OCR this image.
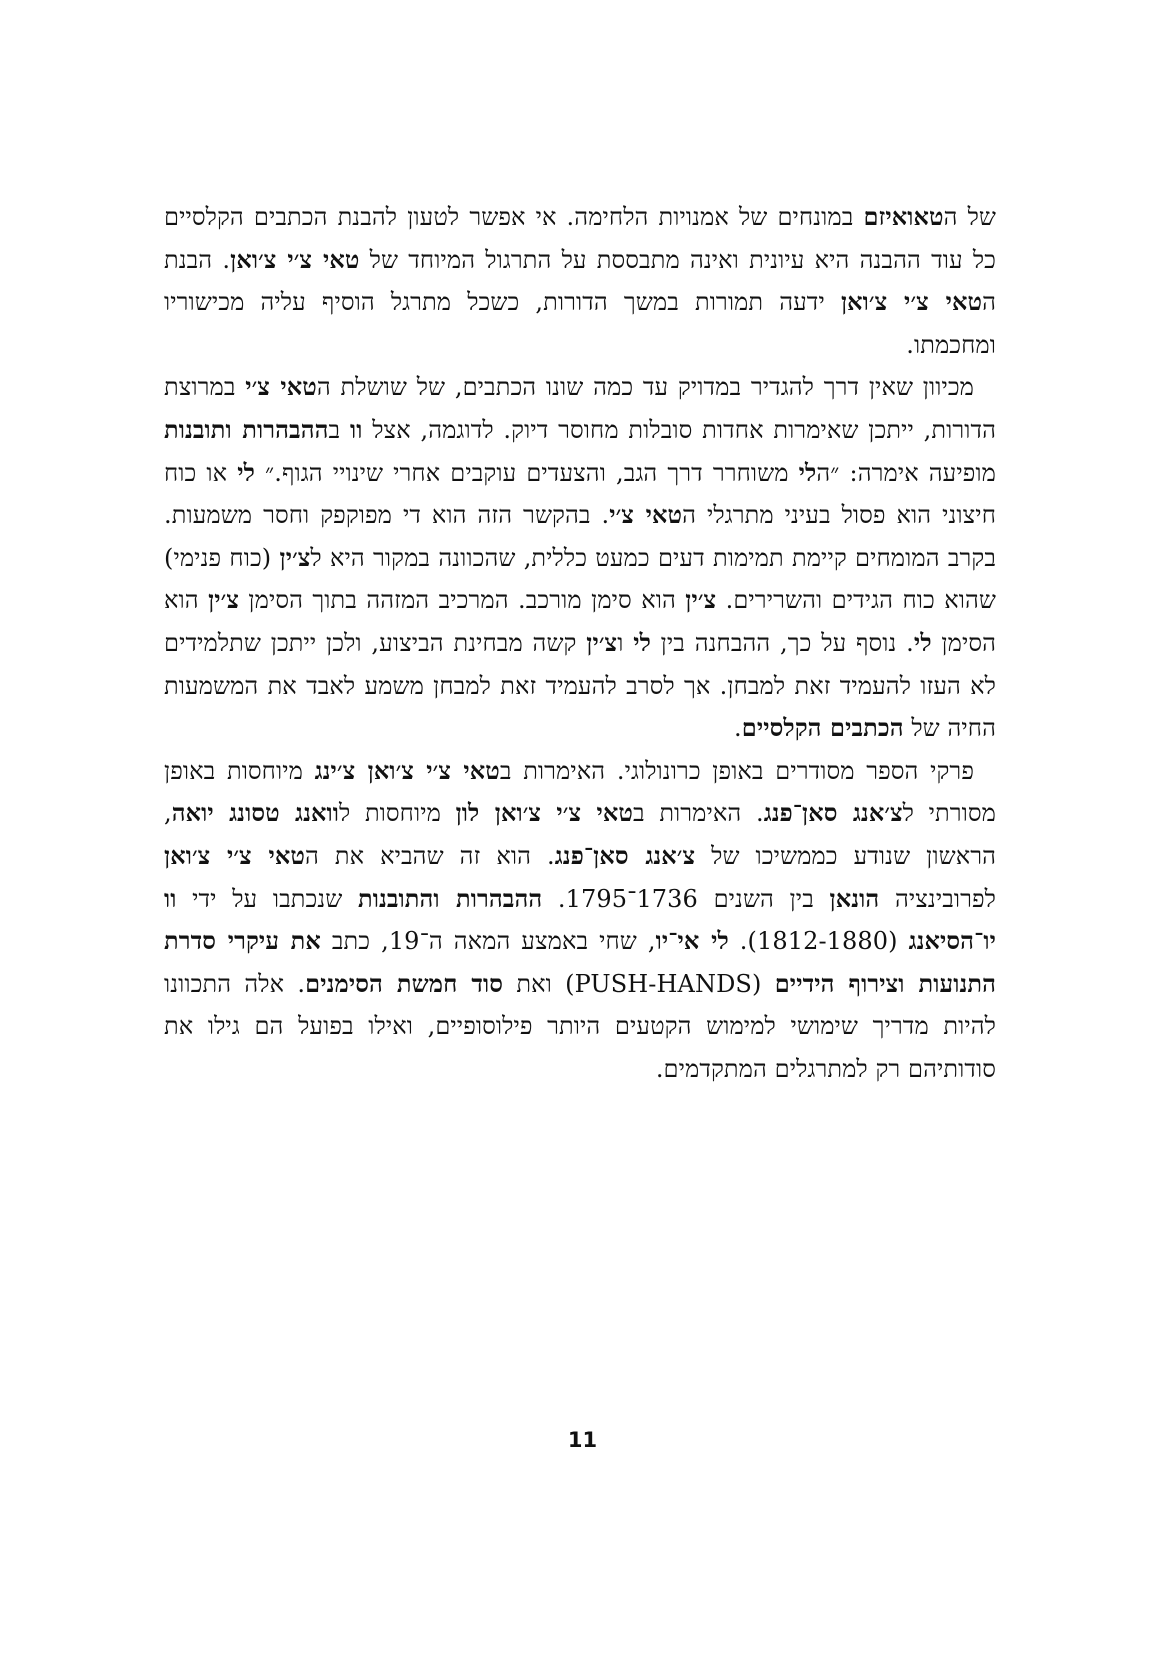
של הטאואיזם במונחים של אמנויות הלחימה. אי אפשר לטעון להבנת הכתבים הקלסיים כל עוד ההבנה היא עיונית ואינה מתבססת על התרגול המיוחד של טאי צ׳י צ׳ואן. הבנת הטאי צ׳י צ׳ואן ידעה תמורות במשך הדורות, כשכל מתרגל הוסיף עליה מכישוריו ומחכמתו.

מכיוון שאין דרך להגדיר במדויק עד כמה שונו הכתבים, של שושלת הטאי צ׳י במרוצת הדורות, ייתכן שאימרות אחדות סובלות מחוסר דיוק. לדוגמה, אצל וו בההבהרות ותובנות מופיעה אימרה: ״הלי משוחרר דרך הגב, והצעדים עוקבים אחרי שינויי הגוף.״ לי או כוח חיצוני הוא פסול בעיני מתרגלי הטאי צ׳י. בהקשר הזה הוא די מפוקפק וחסר משמעות. בקרב המומחים קיימת תמימות דעים כמעט כללית, שהכוונה במקור היא לצ׳ין (כוח פנימי) שהוא כוח הגידים והשרירים. צ׳ין הוא סימן מורכב. המרכיב המזהה בתוך הסימן צ׳ין הוא הסימן לי. נוסף על כך, ההבחנה בין לי וצ׳ין קשה מבחינת הביצוע, ולכן ייתכן שתלמידים לא העזו להעמיד זאת למבחן. אך לסרב להעמיד זאת למבחן משמע לאבד את המשמעות החיה של הכתבים הקלסיים.

פרקי הספר מסודרים באופן כרונולוגי. האימרות בטאי צ׳י צ׳ואן צ׳ינג מיוחסות באופן מסורתי לצ׳אנג סאן־פנג. האימרות בטאי צ׳י צ׳ואן לון מיוחסות לוואנג טסונג יואה, הראשון שנודע כממשיכו של צ׳אנג סאן־פנג. הוא זה שהביא את הטאי צ׳י צ׳ואן לפרובינציה הונאן בין השנים 1736־1795. ההבהרות והתובנות שנכתבו על ידי וו יו־הסיאנג (1812-1880). לי אי־יו, שחי באמצע המאה ה־19, כתב את עיקרי סדרת התנועות וצירוף הידיים (PUSH-HANDS) ואת סוד חמשת הסימנים. אלה התכוונו להיות מדריך שימושי למימוש הקטעים היותר פילוסופיים, ואילו בפועל הם גילו את סודותיהם רק למתרגלים המתקדמים.

11
